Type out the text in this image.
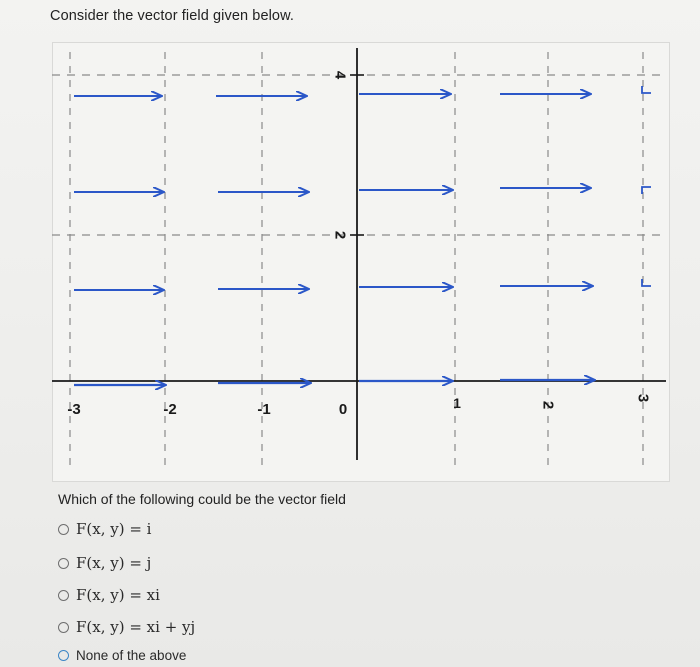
Consider the vector field given below.
4
2
-3	-2	-1	0	1	2
3
Which of the following could be the vector field
F(x, y) = i
F(x, y) = j
F(x, y) = xi
F(x, y) = xi + yj
None of the above
